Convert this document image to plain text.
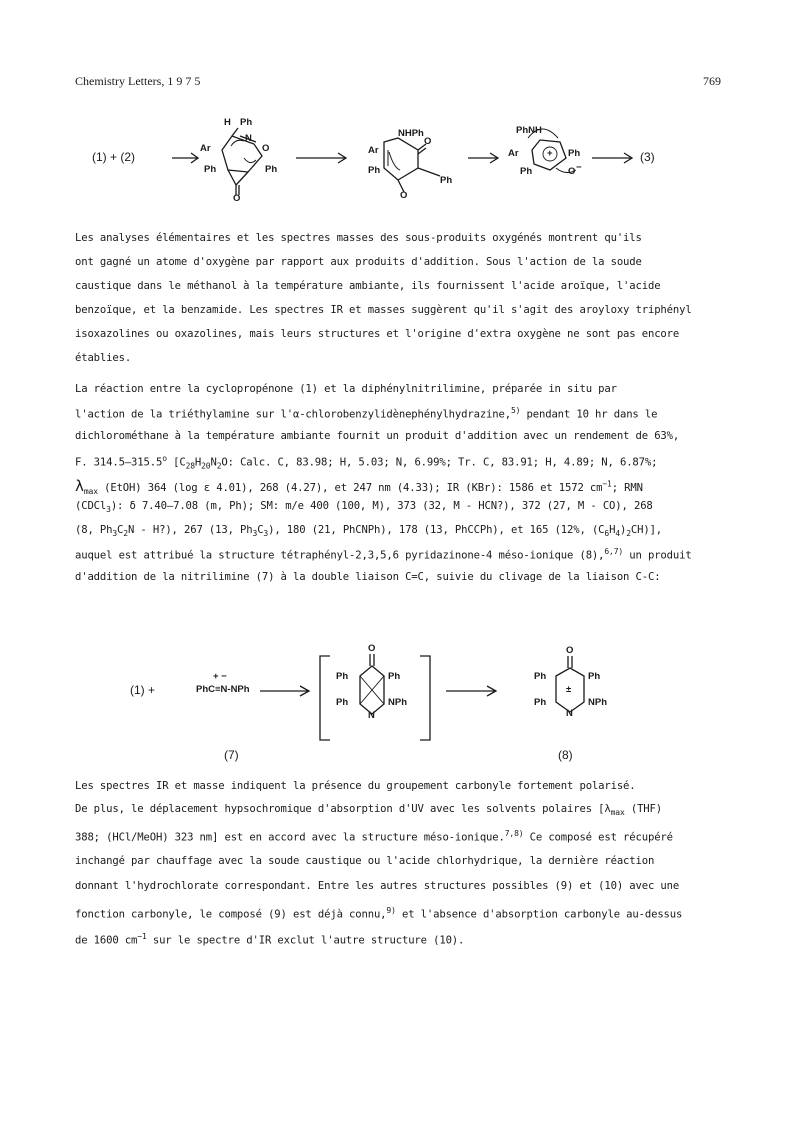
Chemistry Letters, 1 9 7 5	769
(1) + (2)	(3)
H Ph
N
Ar	O
Ph	Ph
O
NHPh
Ar
Ph
O
Ph
O
PhNH
Ar	+ Ph
Ph	O −
Les analyses élémentaires et les spectres masses des sous-produits oxygénés montrent qu'ils
ont gagné un atome d'oxygène par rapport aux produits d'addition. Sous l'action de la soude
caustique dans le méthanol à la température ambiante, ils fournissent l'acide aroïque, l'acide
benzoïque, et la benzamide. Les spectres IR et masses suggèrent qu'il s'agit des aroyloxy triphényl
isoxazolines ou oxazolines, mais leurs structures et l'origine d'extra oxygène ne sont pas encore
établies.
La réaction entre la cyclopropénone (1) et la diphénylnitrilimine, préparée in situ par
l'action de la triéthylamine sur l'α-chlorobenzylidènephénylhydrazine,$^{5)}$ pendant 10 hr dans le
dichlorométhane à la température ambiante fournit un produit d'addition avec un rendement de 63%,
F. 314.5—315.5$^o$ [$C_{28}H_{20}N_2O$: Calc. C, 83.98; H, 5.03; N, 6.99%; Tr. C, 83.91; H, 4.89; N, 6.87%;
$\lambda_{max}$ (EtOH) 364 (log ε 4.01), 268 (4.27), et 247 nm (4.33); IR (KBr): 1586 et 1572 $cm^{-1}$; RMN
(CDCl$_3$): δ 7.40—7.08 (m, Ph); SM: m/e 400 (100, M), 373 (32, M - HCN?), 372 (27, M - CO), 268
(8, $Ph_3C_2N$ - H?), 267 (13, $Ph_3C_3$), 180 (21, PhCNPh), 178 (13, PhCCPh), et 165 (12%, $(C_6H_4)_2CH$)],
auquel est attribué la structure tétraphényl-2,3,5,6 pyridazinone-4 méso-ionique (8),$^{6,7)}$ un produit
d'addition de la nitrilimine (7) à la double liaison C=C, suivie du clivage de la liaison C-C:
(1) +
+ −
PhC≡N-NPh
O
Ph	Ph
Ph
N
NPh
O
Ph	Ph
±
Ph
N
NPh
(7)	(8)
Les spectres IR et masse indiquent la présence du groupement carbonyle fortement polarisé.
De plus, le déplacement hypsochromique d'absorption d'UV avec les solvents polaires [$\lambda_{max}$ (THF)
388; (HCl/MeOH) 323 nm] est en accord avec la structure méso-ionique.$^{7,8)}$ Ce composé est récupéré
inchangé par chauffage avec la soude caustique ou l'acide chlorhydrique, la dernière réaction
donnant l'hydrochlorate correspondant. Entre les autres structures possibles (9) et (10) avec une
fonction carbonyle, le composé (9) est déjà connu,$^{9)}$ et l'absence d'absorption carbonyle au-dessus
de 1600 $cm^{-1}$ sur le spectre d'IR exclut l'autre structure (10).
